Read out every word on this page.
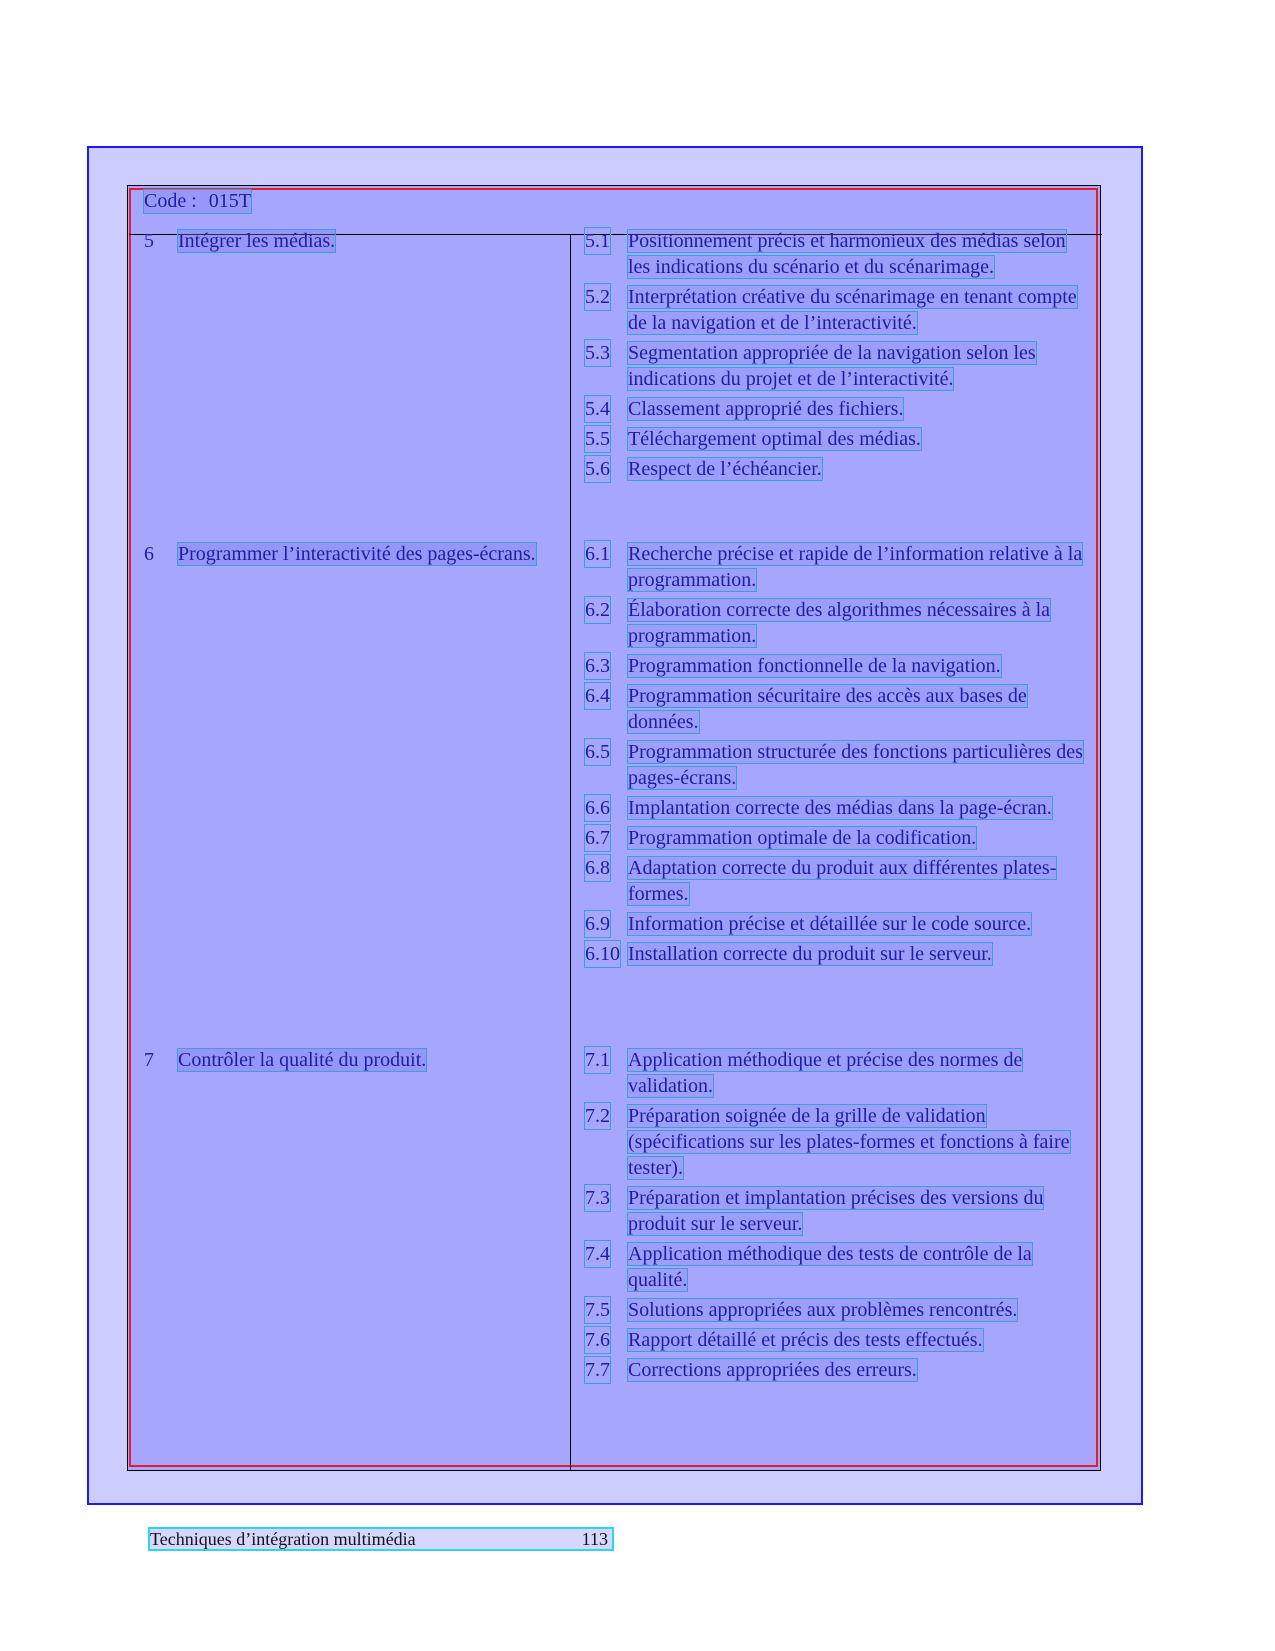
Code : 015T
5	Intégrer les médias.	5.1 Positionnement précis et harmonieux des médias selon les indications du scénario et du scénarimage.
5.2 Interprétation créative du scénarimage en tenant compte de la navigation et de l’interactivité.
5.3 Segmentation appropriée de la navigation selon les indications du projet et de l’interactivité.
5.4 Classement approprié des fichiers.
5.5 Téléchargement optimal des médias.
5.6 Respect de l’échéancier.
6	Programmer l’interactivité des pages-écrans.	6.1 Recherche précise et rapide de l’information relative à la programmation.
6.2 Élaboration correcte des algorithmes nécessaires à la programmation.
6.3 Programmation fonctionnelle de la navigation.
6.4 Programmation sécuritaire des accès aux bases de données.
6.5 Programmation structurée des fonctions particulières des pages-écrans.
6.6 Implantation correcte des médias dans la page-écran.
6.7 Programmation optimale de la codification.
6.8 Adaptation correcte du produit aux différentes plates-formes.
6.9 Information précise et détaillée sur le code source.
6.10 Installation correcte du produit sur le serveur.
7	Contrôler la qualité du produit.	7.1 Application méthodique et précise des normes de validation.
7.2 Préparation soignée de la grille de validation (spécifications sur les plates-formes et fonctions à faire tester).
7.3 Préparation et implantation précises des versions du produit sur le serveur.
7.4 Application méthodique des tests de contrôle de la qualité.
7.5 Solutions appropriées aux problèmes rencontrés.
7.6 Rapport détaillé et précis des tests effectués.
7.7 Corrections appropriées des erreurs.
Techniques d’intégration multimédia	113
